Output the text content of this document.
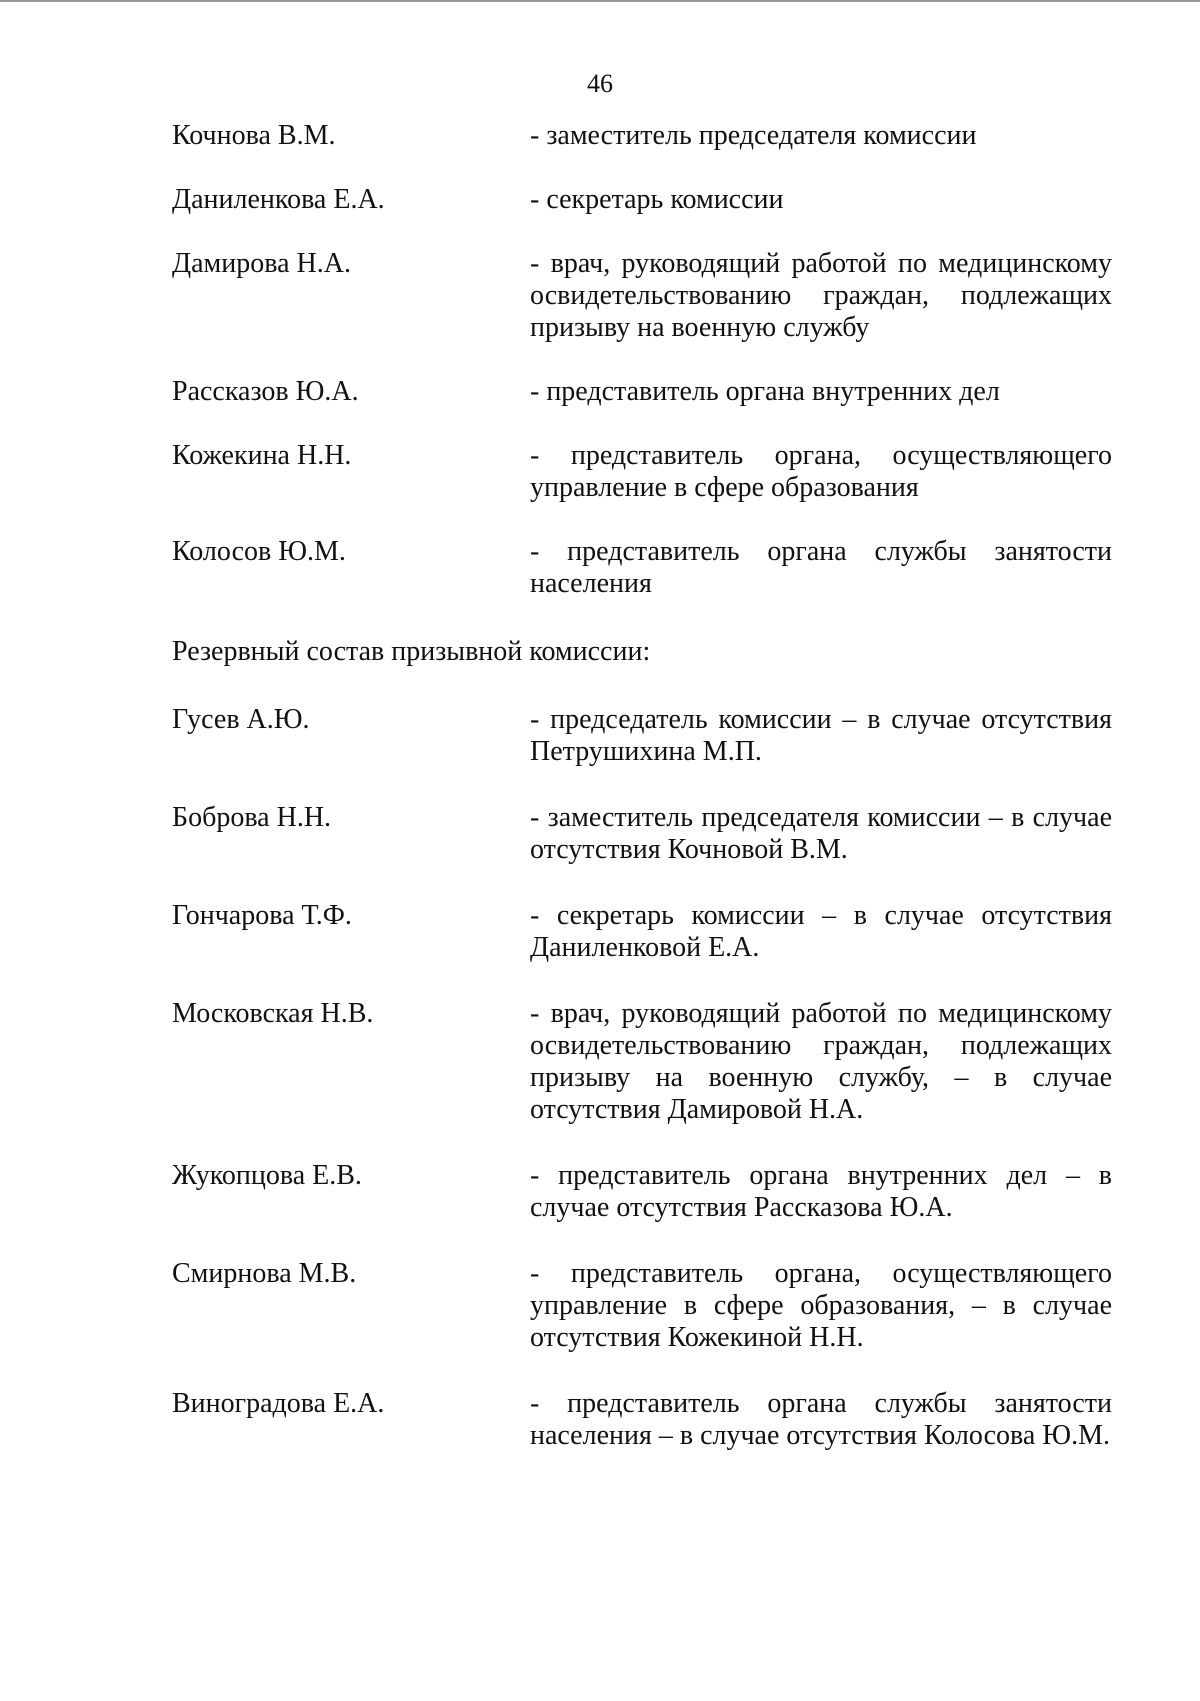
46
Кочнова В.М.	- заместитель председателя комиссии
Даниленкова Е.А.	- секретарь комиссии
Дамирова Н.А.	- врач, руководящий работой по медицинскому освидетельствованию граждан, подлежащих призыву на военную службу
Рассказов Ю.А.	- представитель органа внутренних дел
Кожекина Н.Н.	- представитель органа, осуществляющего управление в сфере образования
Колосов Ю.М.	- представитель органа службы занятости населения
Резервный состав призывной комиссии:
Гусев А.Ю.	- председатель комиссии – в случае отсутствия Петрушихина М.П.
Боброва Н.Н.	- заместитель председателя комиссии – в случае отсутствия Кочновой В.М.
Гончарова Т.Ф.	- секретарь комиссии – в случае отсутствия Даниленковой Е.А.
Московская Н.В.	- врач, руководящий работой по медицинскому освидетельствованию граждан, подлежащих призыву на военную службу, – в случае отсутствия Дамировой Н.А.
Жукопцова Е.В.	- представитель органа внутренних дел – в случае отсутствия Рассказова Ю.А.
Смирнова М.В.	- представитель органа, осуществляющего управление в сфере образования, – в случае отсутствия Кожекиной Н.Н.
Виноградова Е.А.	- представитель органа службы занятости населения – в случае отсутствия Колосова Ю.М.
